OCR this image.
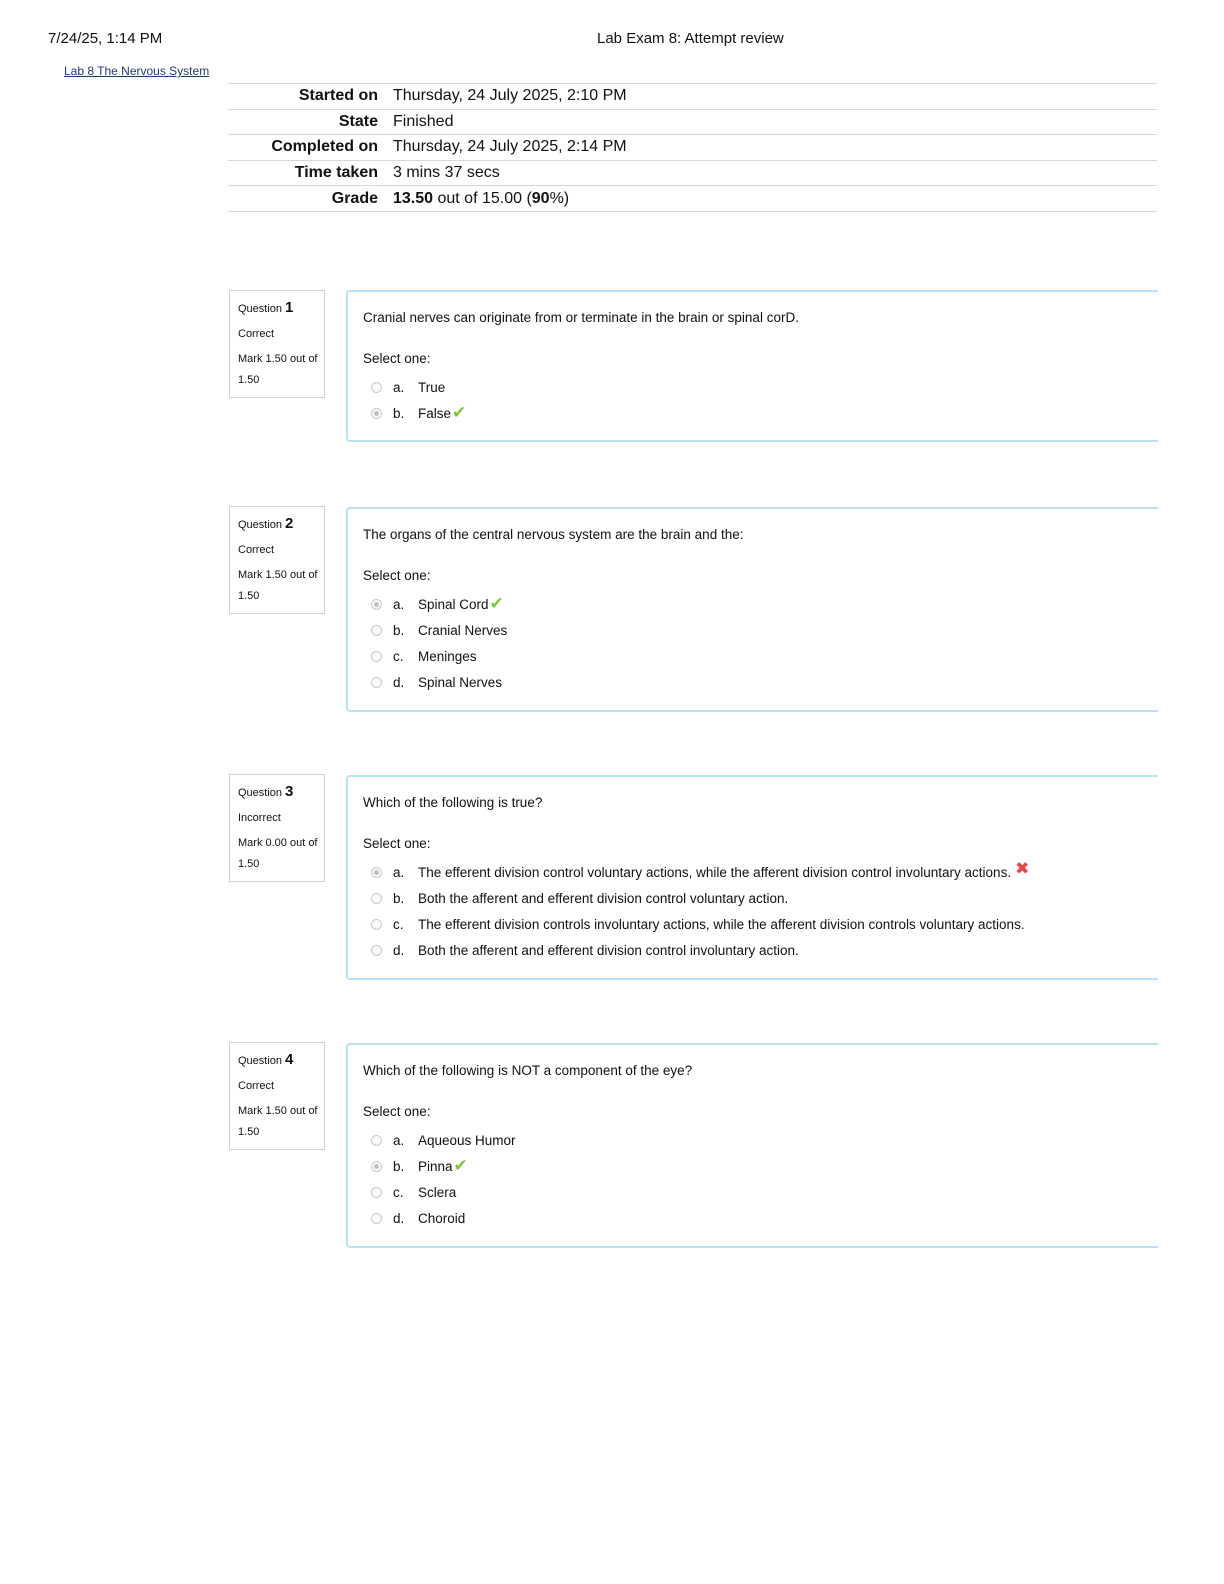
7/24/25, 1:14 PM	Lab Exam 8: Attempt review
Lab 8 The Nervous System
Started on	Thursday, 24 July 2025, 2:10 PM
State	Finished
Completed on	Thursday, 24 July 2025, 2:14 PM
Time taken	3 mins 37 secs
Grade	13.50 out of 15.00 (90%)
Question 1
Correct
Mark 1.50 out of 1.50
Cranial nerves can originate from or terminate in the brain or spinal corD.
Select one:
a.	True
b.	False ✔
Question 2
Correct
Mark 1.50 out of 1.50
The organs of the central nervous system are the brain and the:
Select one:
a.	Spinal Cord ✔
b.	Cranial Nerves
c.	Meninges
d.	Spinal Nerves
Question 3
Incorrect
Mark 0.00 out of 1.50
Which of the following is true?
Select one:
a.	The efferent division control voluntary actions, while the afferent division control involuntary actions. ✖
b.	Both the afferent and efferent division control voluntary action.
c.	The efferent division controls involuntary actions, while the afferent division controls voluntary actions.
d.	Both the afferent and efferent division control involuntary action.
Question 4
Correct
Mark 1.50 out of 1.50
Which of the following is NOT a component of the eye?
Select one:
a.	Aqueous Humor
b.	Pinna ✔
c.	Sclera
d.	Choroid
